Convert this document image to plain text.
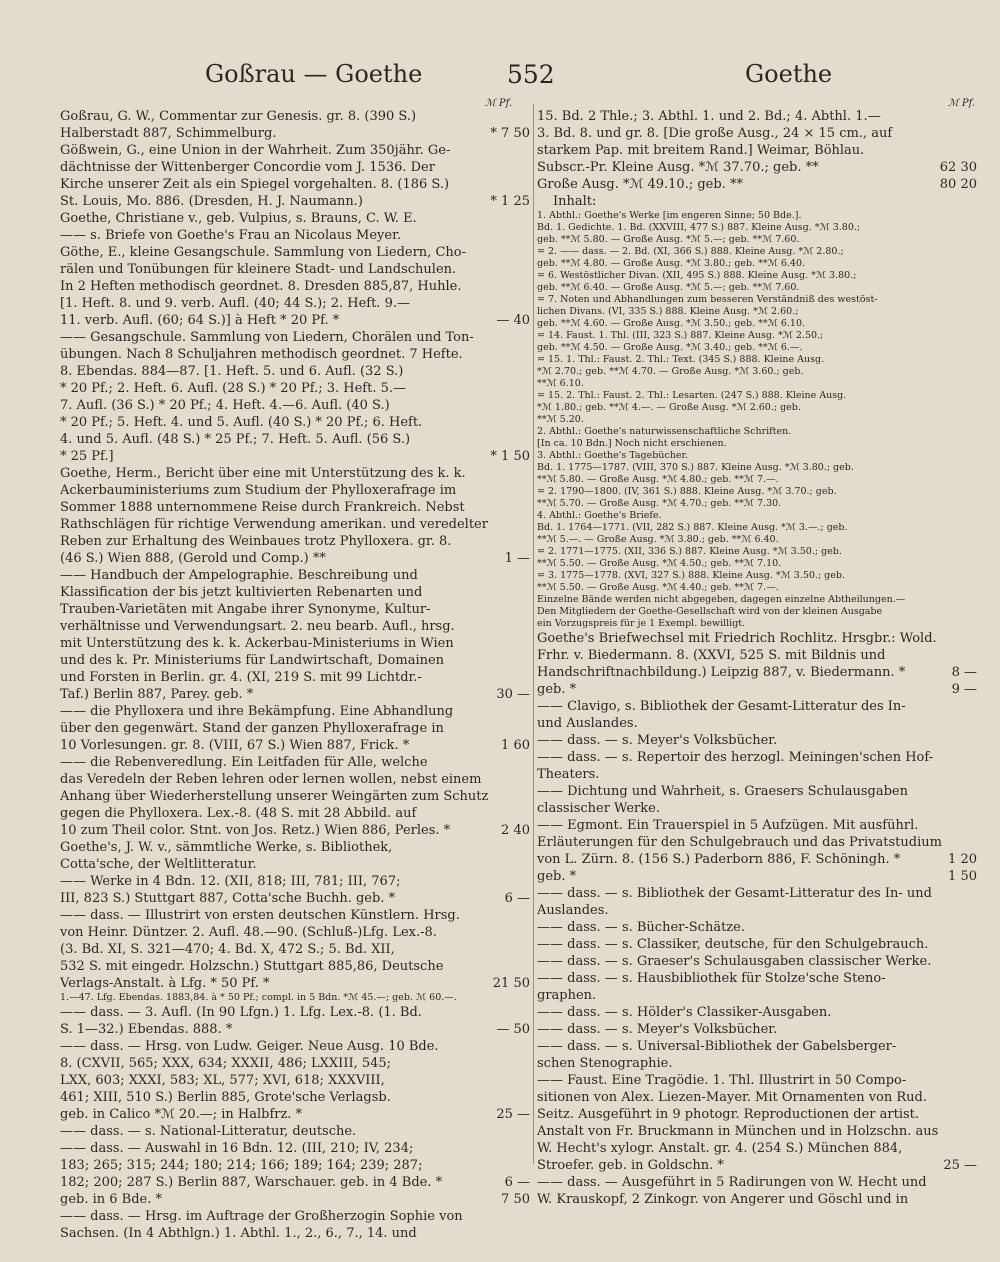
Goßrau — Goethe	552	Goethe
ℳ Pf.	ℳ Pf.
Goßrau, G. W., Commentar zur Genesis. gr. 8. (390 S.)
Halberstadt 887, Schimmelburg.	* 7 50
Gößwein, G., eine Union in der Wahrheit. Zum 350jähr. Ge-
dächtnisse der Wittenberger Concordie vom J. 1536. Der
Kirche unserer Zeit als ein Spiegel vorgehalten. 8. (186 S.)
St. Louis, Mo. 886. (Dresden, H. J. Naumann.)	* 1 25
Goethe, Christiane v., geb. Vulpius, s. Brauns, C. W. E.
—— s. Briefe von Goethe's Frau an Nicolaus Meyer.
Göthe, E., kleine Gesangschule. Sammlung von Liedern, Cho-
rälen und Tonübungen für kleinere Stadt- und Landschulen.
In 2 Heften methodisch geordnet. 8. Dresden 885,87, Huhle.
[1. Heft. 8. und 9. verb. Aufl. (40; 44 S.); 2. Heft. 9.—
11. verb. Aufl. (60; 64 S.)] à Heft * 20 Pf. *	— 40
—— Gesangschule. Sammlung von Liedern, Chorälen und Ton-
übungen. Nach 8 Schuljahren methodisch geordnet. 7 Hefte.
8. Ebendas. 884—87. [1. Heft. 5. und 6. Aufl. (32 S.)
* 20 Pf.; 2. Heft. 6. Aufl. (28 S.) * 20 Pf.; 3. Heft. 5.—
7. Aufl. (36 S.) * 20 Pf.; 4. Heft. 4.—6. Aufl. (40 S.)
* 20 Pf.; 5. Heft. 4. und 5. Aufl. (40 S.) * 20 Pf.; 6. Heft.
4. und 5. Aufl. (48 S.) * 25 Pf.; 7. Heft. 5. Aufl. (56 S.)
* 25 Pf.]	* 1 50
Goethe, Herm., Bericht über eine mit Unterstützung des k. k.
Ackerbauministeriums zum Studium der Phylloxerafrage im
Sommer 1888 unternommene Reise durch Frankreich. Nebst
Rathschlägen für richtige Verwendung amerikan. und veredelter
Reben zur Erhaltung des Weinbaues trotz Phylloxera. gr. 8.
(46 S.) Wien 888, (Gerold und Comp.) **	1 —
—— Handbuch der Ampelographie. Beschreibung und
Klassification der bis jetzt kultivierten Rebenarten und
Trauben-Varietäten mit Angabe ihrer Synonyme, Kultur-
verhältnisse und Verwendungsart. 2. neu bearb. Aufl., hrsg.
mit Unterstützung des k. k. Ackerbau-Ministeriums in Wien
und des k. Pr. Ministeriums für Landwirtschaft, Domainen
und Forsten in Berlin. gr. 4. (XI, 219 S. mit 99 Lichtdr.-
Taf.) Berlin 887, Parey. geb. *	30 —
—— die Phylloxera und ihre Bekämpfung. Eine Abhandlung
über den gegenwärt. Stand der ganzen Phylloxerafrage in
10 Vorlesungen. gr. 8. (VIII, 67 S.) Wien 887, Frick. *	1 60
—— die Rebenveredlung. Ein Leitfaden für Alle, welche
das Veredeln der Reben lehren oder lernen wollen, nebst einem
Anhang über Wiederherstellung unserer Weingärten zum Schutz
gegen die Phylloxera. Lex.-8. (48 S. mit 28 Abbild. auf
10 zum Theil color. Stnt. von Jos. Retz.) Wien 886, Perles. *	2 40
Goethe's, J. W. v., sämmtliche Werke, s. Bibliothek,
Cotta'sche, der Weltlitteratur.
—— Werke in 4 Bdn. 12. (XII, 818; III, 781; III, 767;
III, 823 S.) Stuttgart 887, Cotta'sche Buchh. geb. *	6 —
—— dass. — Illustrirt von ersten deutschen Künstlern. Hrsg.
von Heinr. Düntzer. 2. Aufl. 48.—90. (Schluß-)Lfg. Lex.-8.
(3. Bd. XI, S. 321—470; 4. Bd. X, 472 S.; 5. Bd. XII,
532 S. mit eingedr. Holzschn.) Stuttgart 885,86, Deutsche
Verlags-Anstalt. à Lfg. * 50 Pf. *	21 50
1.—47. Lfg. Ebendas. 1883,84. à * 50 Pf.; compl. in 5 Bdn. *ℳ 45.—; geb. ℳ 60.—.
—— dass. — 3. Aufl. (In 90 Lfgn.) 1. Lfg. Lex.-8. (1. Bd.
S. 1—32.) Ebendas. 888. *	— 50
—— dass. — Hrsg. von Ludw. Geiger. Neue Ausg. 10 Bde.
8. (CXVII, 565; XXX, 634; XXXII, 486; LXXIII, 545;
LXX, 603; XXXI, 583; XL, 577; XVI, 618; XXXVIII,
461; XIII, 510 S.) Berlin 885, Grote'sche Verlagsb.
geb. in Calico *ℳ 20.—; in Halbfrz. *	25 —
—— dass. — s. National-Litteratur, deutsche.
—— dass. — Auswahl in 16 Bdn. 12. (III, 210; IV, 234;
183; 265; 315; 244; 180; 214; 166; 189; 164; 239; 287;
182; 200; 287 S.) Berlin 887, Warschauer. geb. in 4 Bde. *	6 —
geb. in 6 Bde. *	7 50
—— dass. — Hrsg. im Auftrage der Großherzogin Sophie von
Sachsen. (In 4 Abthlgn.) 1. Abthl. 1., 2., 6., 7., 14. und
15. Bd. 2 Thle.; 3. Abthl. 1. und 2. Bd.; 4. Abthl. 1.—
3. Bd. 8. und gr. 8. [Die große Ausg., 24 × 15 cm., auf
starkem Pap. mit breitem Rand.] Weimar, Böhlau.
Subscr.-Pr. Kleine Ausg. *ℳ 37.70.; geb. **	62 30
Große Ausg. *ℳ 49.10.; geb. **	80 20
Inhalt:
1. Abthl.: Goethe's Werke [im engeren Sinne; 50 Bde.].
Bd. 1. Gedichte. 1. Bd. (XXVIII, 477 S.) 887. Kleine Ausg. *ℳ 3.80.;
geb. **ℳ 5.80. — Große Ausg. *ℳ 5.—; geb. **ℳ 7.60.
= 2. —— dass. — 2. Bd. (XI, 366 S.) 888. Kleine Ausg. *ℳ 2.80.;
geb. **ℳ 4.80. — Große Ausg. *ℳ 3.80.; geb. **ℳ 6.40.
= 6. Westöstlicher Divan. (XII, 495 S.) 888. Kleine Ausg. *ℳ 3.80.;
geb. **ℳ 6.40. — Große Ausg. *ℳ 5.—; geb. **ℳ 7.60.
= 7. Noten und Abhandlungen zum besseren Verständniß des westöst-
lichen Divans. (VI, 335 S.) 888. Kleine Ausg. *ℳ 2.60.;
geb. **ℳ 4.60. — Große Ausg. *ℳ 3.50.; geb. **ℳ 6.10.
= 14. Faust. 1. Thl. (III, 323 S.) 887. Kleine Ausg. *ℳ 2.50.;
geb. **ℳ 4.50. — Große Ausg. *ℳ 3.40.; geb. **ℳ 6.—.
= 15. 1. Thl.: Faust. 2. Thl.: Text. (345 S.) 888. Kleine Ausg.
*ℳ 2.70.; geb. **ℳ 4.70. — Große Ausg. *ℳ 3.60.; geb.
**ℳ 6.10.
= 15. 2. Thl.: Faust. 2. Thl.: Lesarten. (247 S.) 888. Kleine Ausg.
*ℳ 1.80.; geb. **ℳ 4.—. — Große Ausg. *ℳ 2.60.; geb.
**ℳ 5.20.
2. Abthl.: Goethe's naturwissenschaftliche Schriften.
[In ca. 10 Bdn.] Noch nicht erschienen.
3. Abthl.: Goethe's Tagebücher.
Bd. 1. 1775—1787. (VIII, 370 S.) 887. Kleine Ausg. *ℳ 3.80.; geb.
**ℳ 5.80. — Große Ausg. *ℳ 4.80.; geb. **ℳ 7.—.
= 2. 1790—1800. (IV, 361 S.) 888. Kleine Ausg. *ℳ 3.70.; geb.
**ℳ 5.70. — Große Ausg. *ℳ 4.70.; geb. **ℳ 7.30.
4. Abthl.: Goethe's Briefe.
Bd. 1. 1764—1771. (VII, 282 S.) 887. Kleine Ausg. *ℳ 3.—.; geb.
**ℳ 5.—. — Große Ausg. *ℳ 3.80.; geb. **ℳ 6.40.
= 2. 1771—1775. (XII, 336 S.) 887. Kleine Ausg. *ℳ 3.50.; geb.
**ℳ 5.50. — Große Ausg. *ℳ 4.50.; geb. **ℳ 7.10.
= 3. 1775—1778. (XVI, 327 S.) 888. Kleine Ausg. *ℳ 3.50.; geb.
**ℳ 5.50. — Große Ausg. *ℳ 4.40.; geb. **ℳ 7.—.
Einzelne Bände werden nicht abgegeben, dagegen einzelne Abtheilungen.—
Den Mitgliedern der Goethe-Gesellschaft wird von der kleinen Ausgabe
ein Vorzugspreis für je 1 Exempl. bewilligt.
Goethe's Briefwechsel mit Friedrich Rochlitz. Hrsgbr.: Wold.
Frhr. v. Biedermann. 8. (XXVI, 525 S. mit Bildnis und
Handschriftnachbildung.) Leipzig 887, v. Biedermann. *	8 —
geb. *	9 —
—— Clavigo, s. Bibliothek der Gesamt-Litteratur des In-
und Auslandes.
—— dass. — s. Meyer's Volksbücher.
—— dass. — s. Repertoir des herzogl. Meiningen'schen Hof-
Theaters.
—— Dichtung und Wahrheit, s. Graesers Schulausgaben
classischer Werke.
—— Egmont. Ein Trauerspiel in 5 Aufzügen. Mit ausführl.
Erläuterungen für den Schulgebrauch und das Privatstudium
von L. Zürn. 8. (156 S.) Paderborn 886, F. Schöningh. *	1 20
geb. *	1 50
—— dass. — s. Bibliothek der Gesamt-Litteratur des In- und
Auslandes.
—— dass. — s. Bücher-Schätze.
—— dass. — s. Classiker, deutsche, für den Schulgebrauch.
—— dass. — s. Graeser's Schulausgaben classischer Werke.
—— dass. — s. Hausbibliothek für Stolze'sche Steno-
graphen.
—— dass. — s. Hölder's Classiker-Ausgaben.
—— dass. — s. Meyer's Volksbücher.
—— dass. — s. Universal-Bibliothek der Gabelsberger-
schen Stenographie.
—— Faust. Eine Tragödie. 1. Thl. Illustrirt in 50 Compo-
sitionen von Alex. Liezen-Mayer. Mit Ornamenten von Rud.
Seitz. Ausgeführt in 9 photogr. Reproductionen der artist.
Anstalt von Fr. Bruckmann in München und in Holzschn. aus
W. Hecht's xylogr. Anstalt. gr. 4. (254 S.) München 884,
Stroefer. geb. in Goldschn. *	25 —
—— dass. — Ausgeführt in 5 Radirungen von W. Hecht und
W. Krauskopf, 2 Zinkogr. von Angerer und Göschl und in
